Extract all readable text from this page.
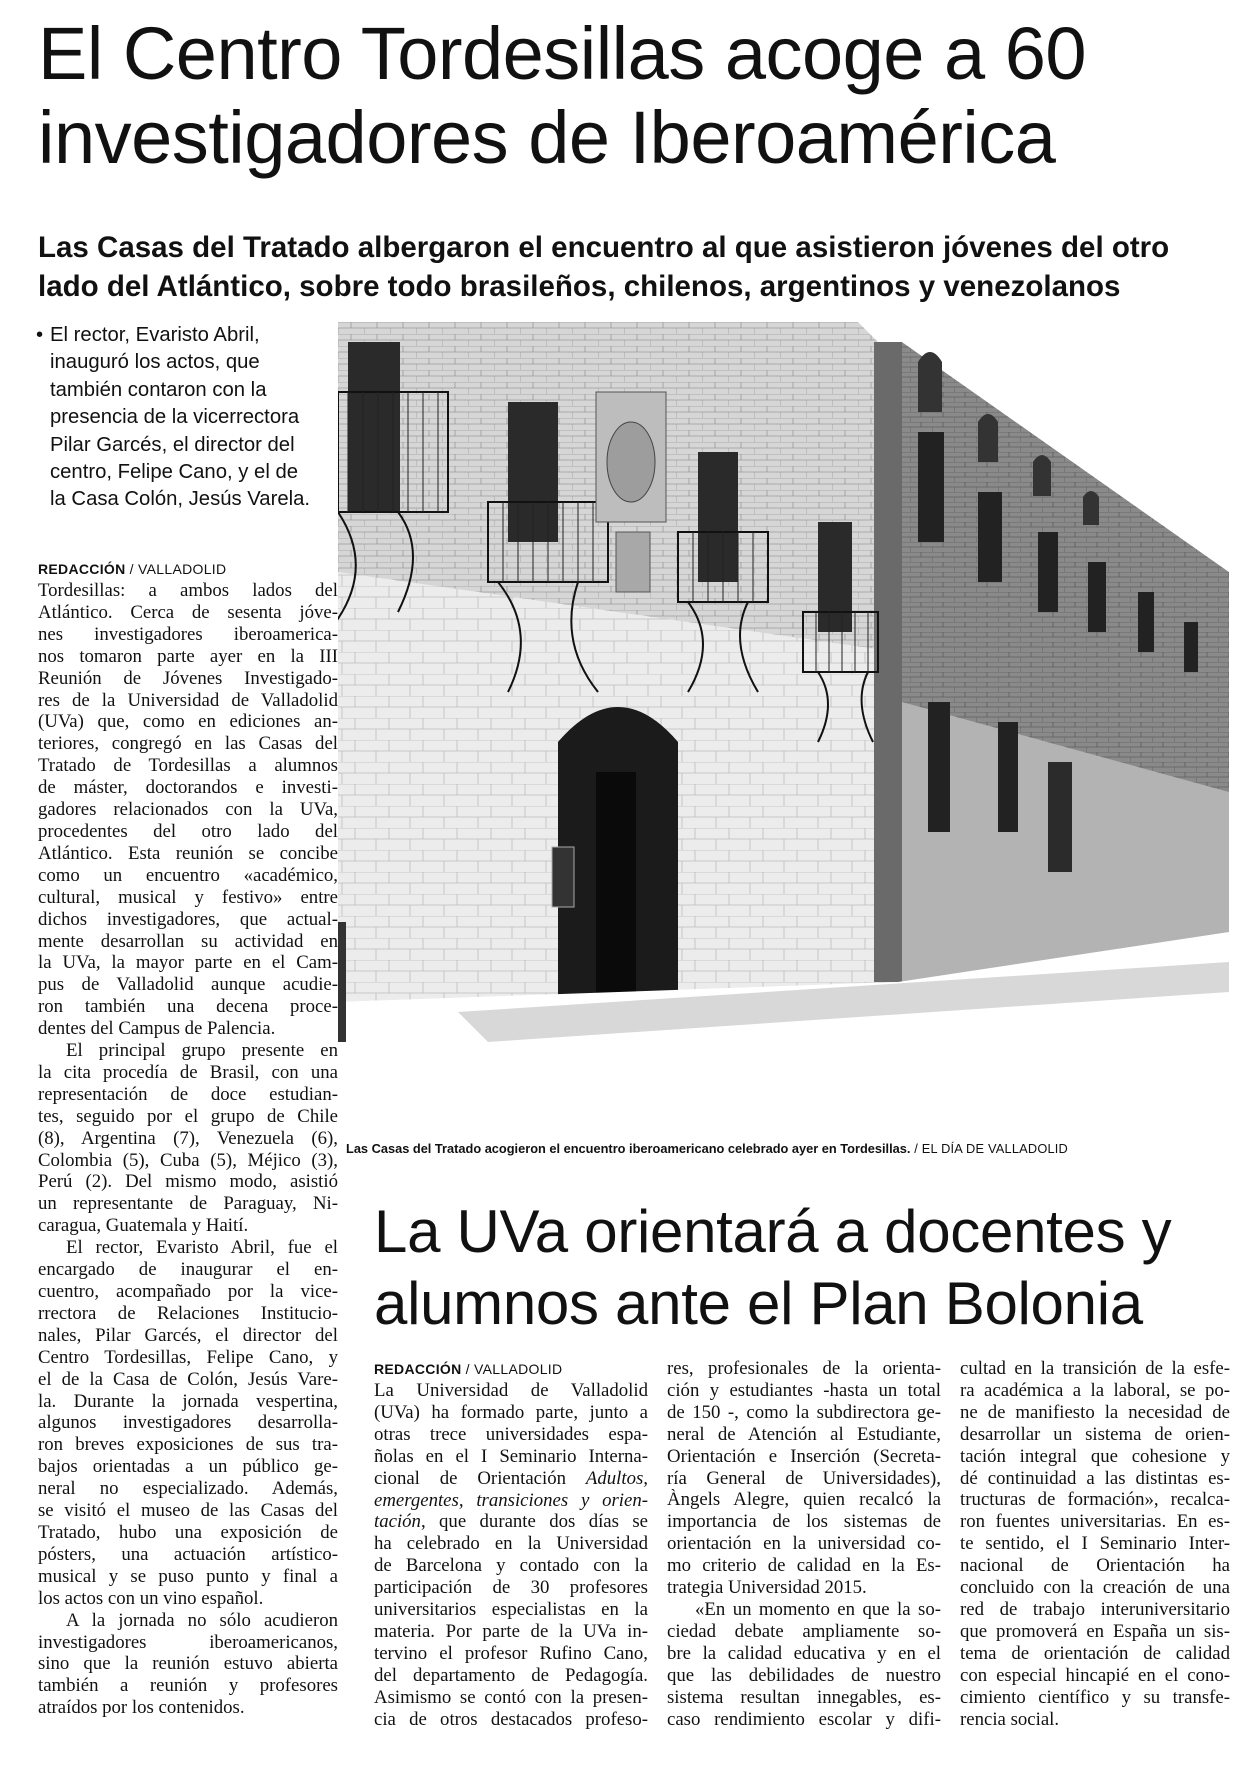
El Centro Tordesillas acoge a 60
investigadores de Iberoamérica
Las Casas del Tratado albergaron el encuentro al que asistieron jóvenes del otro
lado del Atlántico, sobre todo brasileños, chilenos, argentinos y venezolanos
• El rector, Evaristo Abril,
inauguró los actos, que
también contaron con la
presencia de la vicerrectora
Pilar Garcés, el director del
centro, Felipe Cano, y el de
la Casa Colón, Jesús Varela.
REDACCIÓN / VALLADOLID
Tordesillas: a ambos lados del
Atlántico. Cerca de sesenta jóve-
nes investigadores iberoamerica-
nos tomaron parte ayer en la III
Reunión de Jóvenes Investigado-
res de la Universidad de Valladolid
(UVa) que, como en ediciones an-
teriores, congregó en las Casas del
Tratado de Tordesillas a alumnos
de máster, doctorandos e investi-
gadores relacionados con la UVa,
procedentes del otro lado del
Atlántico. Esta reunión se concibe
como un encuentro «académico,
cultural, musical y festivo» entre
dichos investigadores, que actual-
mente desarrollan su actividad en
la UVa, la mayor parte en el Cam-
pus de Valladolid aunque acudie-
ron también una decena proce-
dentes del Campus de Palencia.
El principal grupo presente en
la cita procedía de Brasil, con una
representación de doce estudian-
tes, seguido por el grupo de Chile
(8), Argentina (7), Venezuela (6),
Colombia (5), Cuba (5), Méjico (3),
Perú (2). Del mismo modo, asistió
un representante de Paraguay, Ni-
caragua, Guatemala y Haití.
El rector, Evaristo Abril, fue el
encargado de inaugurar el en-
cuentro, acompañado por la vice-
rrectora de Relaciones Institucio-
nales, Pilar Garcés, el director del
Centro Tordesillas, Felipe Cano, y
el de la Casa de Colón, Jesús Vare-
la. Durante la jornada vespertina,
algunos investigadores desarrolla-
ron breves exposiciones de sus tra-
bajos orientadas a un público ge-
neral no especializado. Además,
se visitó el museo de las Casas del
Tratado, hubo una exposición de
pósters, una actuación artístico-
musical y se puso punto y final a
los actos con un vino español.
A la jornada no sólo acudieron
investigadores iberoamericanos,
sino que la reunión estuvo abierta
también a reunión y profesores
atraídos por los contenidos.
Las Casas del Tratado acogieron el encuentro iberoamericano celebrado ayer en Tordesillas. / EL DÍA DE VALLADOLID
La UVa orientará a docentes y
alumnos ante el Plan Bolonia
REDACCIÓN / VALLADOLID
La Universidad de Valladolid
(UVa) ha formado parte, junto a
otras trece universidades espa-
ñolas en el I Seminario Interna-
cional de Orientación Adultos,
emergentes, transiciones y orien-
tación, que durante dos días se
ha celebrado en la Universidad
de Barcelona y contado con la
participación de 30 profesores
universitarios especialistas en la
materia. Por parte de la UVa in-
tervino el profesor Rufino Cano,
del departamento de Pedagogía.
Asimismo se contó con la presen-
cia de otros destacados profeso-
res, profesionales de la orienta-
ción y estudiantes -hasta un total
de 150 -, como la subdirectora ge-
neral de Atención al Estudiante,
Orientación e Inserción (Secreta-
ría General de Universidades),
Àngels Alegre, quien recalcó la
importancia de los sistemas de
orientación en la universidad co-
mo criterio de calidad en la Es-
trategia Universidad 2015.
«En un momento en que la so-
ciedad debate ampliamente so-
bre la calidad educativa y en el
que las debilidades de nuestro
sistema resultan innegables, es-
caso rendimiento escolar y difi-
cultad en la transición de la esfe-
ra académica a la laboral, se po-
ne de manifiesto la necesidad de
desarrollar un sistema de orien-
tación integral que cohesione y
dé continuidad a las distintas es-
tructuras de formación», recalca-
ron fuentes universitarias. En es-
te sentido, el I Seminario Inter-
nacional de Orientación ha
concluido con la creación de una
red de trabajo interuniversitario
que promoverá en España un sis-
tema de orientación de calidad
con especial hincapié en el cono-
cimiento científico y su transfe-
rencia social.
